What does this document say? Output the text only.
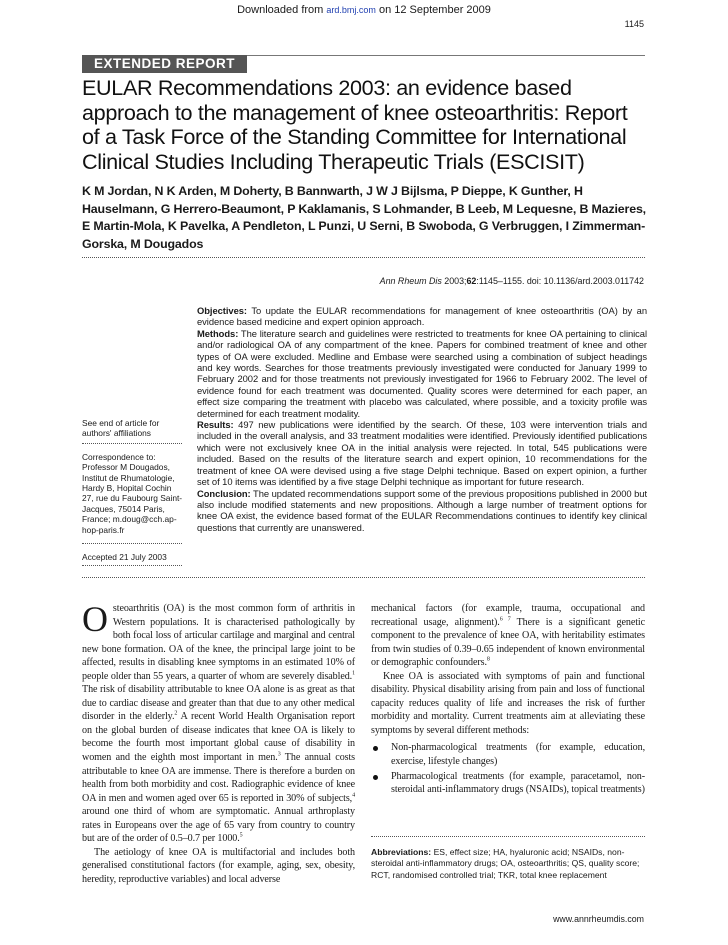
Downloaded from ard.bmj.com on 12 September 2009
1145
EXTENDED REPORT
EULAR Recommendations 2003: an evidence based approach to the management of knee osteoarthritis: Report of a Task Force of the Standing Committee for International Clinical Studies Including Therapeutic Trials (ESCISIT)
K M Jordan, N K Arden, M Doherty, B Bannwarth, J W J Bijlsma, P Dieppe, K Gunther, H Hauselmann, G Herrero-Beaumont, P Kaklamanis, S Lohmander, B Leeb, M Lequesne, B Mazieres, E Martin-Mola, K Pavelka, A Pendleton, L Punzi, U Serni, B Swoboda, G Verbruggen, I Zimmerman-Gorska, M Dougados
Ann Rheum Dis 2003;62:1145–1155. doi: 10.1136/ard.2003.011742

See end of article for authors' affiliations

Correspondence to: Professor M Dougados, Institut de Rhumatologie, Hardy B, Hopital Cochin 27, rue du Faubourg Saint-Jacques, 75014 Paris, France; m.doug@cch.ap-hop-paris.fr

Accepted 21 July 2003

Objectives: To update the EULAR recommendations for management of knee osteoarthritis (OA) by an evidence based medicine and expert opinion approach.

Methods: The literature search and guidelines were restricted to treatments for knee OA pertaining to clinical and/or radiological OA of any compartment of the knee. Papers for combined treatment of knee and other types of OA were excluded. Medline and Embase were searched using a combination of subject headings and key words. Searches for those treatments previously investigated were conducted for January 1999 to February 2002 and for those treatments not previously investigated for 1966 to February 2002. The level of evidence found for each treatment was documented. Quality scores were determined for each paper, an effect size comparing the treatment with placebo was calculated, where possible, and a toxicity profile was determined for each treatment modality.

Results: 497 new publications were identified by the search. Of these, 103 were intervention trials and included in the overall analysis, and 33 treatment modalities were identified. Previously identified publications which were not exclusively knee OA in the initial analysis were rejected. In total, 545 publications were included. Based on the results of the literature search and expert opinion, 10 recommendations for the treatment of knee OA were devised using a five stage Delphi technique. Based on expert opinion, a further set of 10 items was identified by a five stage Delphi technique as important for future research.

Conclusion: The updated recommendations support some of the previous propositions published in 2000 but also include modified statements and new propositions. Although a large number of treatment options for knee OA exist, the evidence based format of the EULAR Recommendations continues to identify key clinical questions that currently are unanswered.

Osteoarthritis (OA) is the most common form of arthritis in Western populations. It is characterised pathologically by both focal loss of articular cartilage and marginal and central new bone formation. OA of the knee, the principal large joint to be affected, results in disabling knee symptoms in an estimated 10% of people older than 55 years, a quarter of whom are severely disabled.$^1$ The risk of disability attributable to knee OA alone is as great as that due to cardiac disease and greater than that due to any other medical disorder in the elderly.$^2$ A recent World Health Organisation report on the global burden of disease indicates that knee OA is likely to become the fourth most important global cause of disability in women and the eighth most important in men.$^3$ The annual costs attributable to knee OA are immense. There is therefore a burden on health from both morbidity and cost. Radiographic evidence of knee OA in men and women aged over 65 is reported in 30% of subjects,$^4$ around one third of whom are symptomatic. Annual arthroplasty rates in Europeans over the age of 65 vary from country to country but are of the order of 0.5–0.7 per 1000.$^5$

The aetiology of knee OA is multifactorial and includes both generalised constitutional factors (for example, aging, sex, obesity, heredity, reproductive variables) and local adverse

mechanical factors (for example, trauma, occupational and recreational usage, alignment).$^{6 7}$ There is a significant genetic component to the prevalence of knee OA, with heritability estimates from twin studies of 0.39–0.65 independent of known environmental or demographic confounders.$^8$

Knee OA is associated with symptoms of pain and functional disability. Physical disability arising from pain and loss of functional capacity reduces quality of life and increases the risk of further morbidity and mortality. Current treatments aim at alleviating these symptoms by several different methods:

Non-pharmacological treatments (for example, education, exercise, lifestyle changes)
Pharmacological treatments (for example, paracetamol, non-steroidal anti-inflammatory drugs (NSAIDs), topical treatments)
Abbreviations: ES, effect size; HA, hyaluronic acid; NSAIDs, non-steroidal anti-inflammatory drugs; OA, osteoarthritis; QS, quality score; RCT, randomised controlled trial; TKR, total knee replacement
www.annrheumdis.com
